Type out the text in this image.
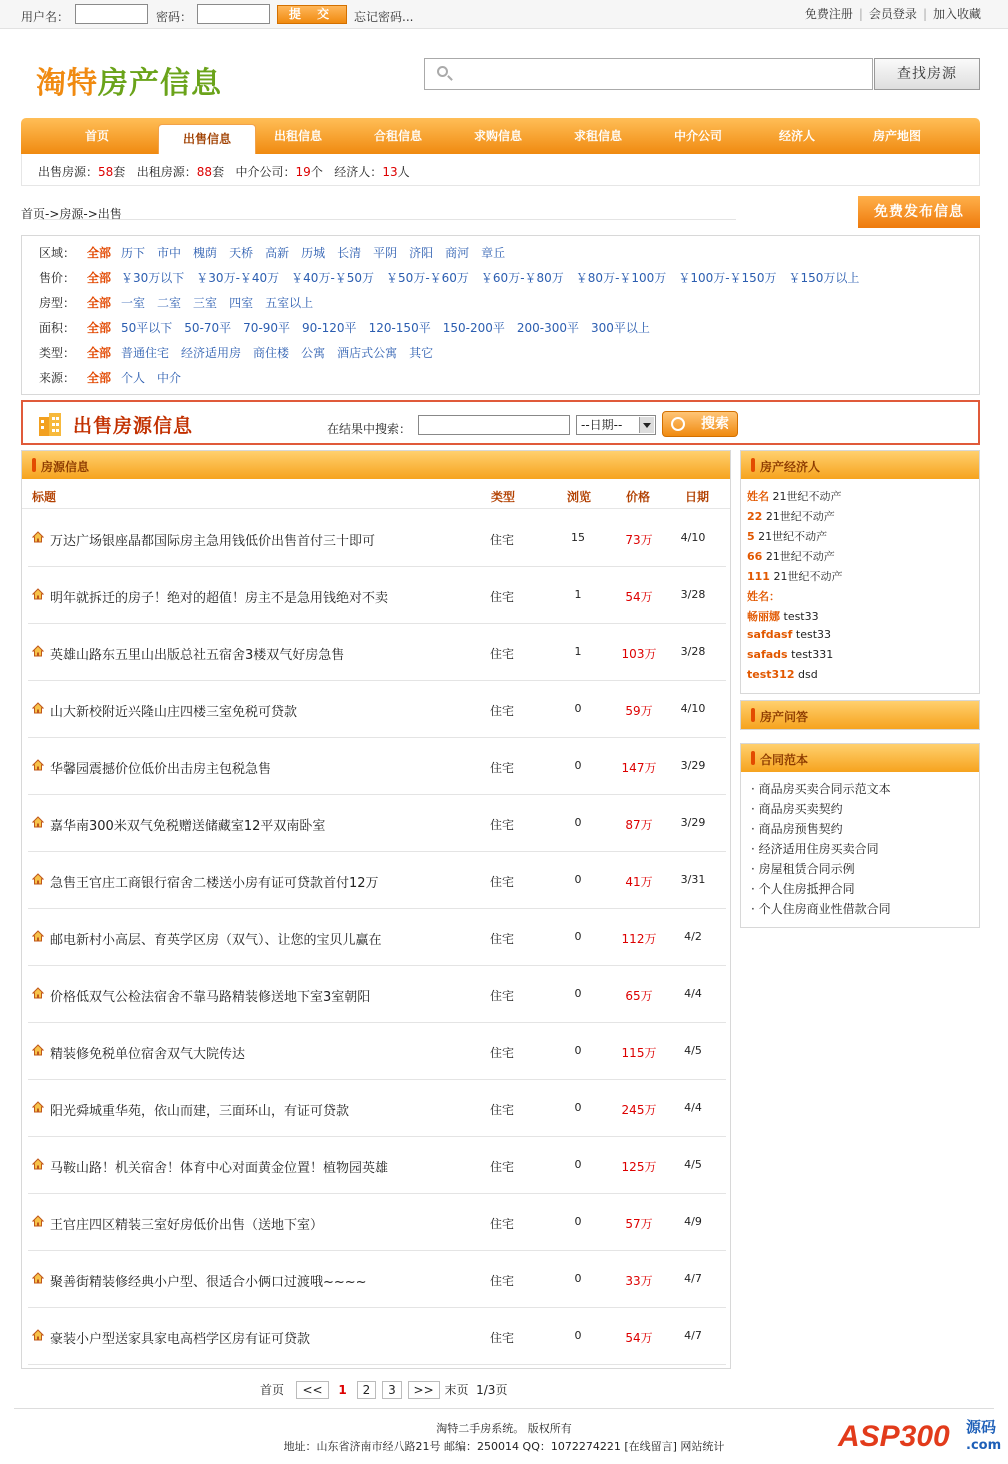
用户名：	密码：	提 交	忘记密码...	免费注册 | 会员登录 | 加入收藏
淘特房产信息	查找房源
首页	出售信息	出租信息	合租信息	求购信息	求租信息	中介公司	经济人	房产地图
出售房源：58套 出租房源：88套 中介公司：19个 经济人：13人
首页->房源->出售	免费发布信息
区域： 全部 历下 市中 槐荫 天桥 高新 历城 长清 平阴 济阳 商河 章丘
售价： 全部 ￥30万以下 ￥30万-￥40万 ￥40万-￥50万 ￥50万-￥60万 ￥60万-￥80万 ￥80万-￥100万 ￥100万-￥150万 ￥150万以上
房型： 全部 一室 二室 三室 四室 五室以上
面积： 全部 50平以下 50-70平 70-90平 90-120平 120-150平 150-200平 200-300平 300平以上
类型： 全部 普通住宅 经济适用房 商住楼 公寓 酒店式公寓 其它
来源： 全部 个人 中介
出售房源信息	在结果中搜索：	--日期--	搜索
房源信息
标题	类型	浏览	价格	日期
万达广场银座晶都国际房主急用钱低价出售首付三十即可	住宅	15	73万	4/10
明年就拆迁的房子！绝对的超值！房主不是急用钱绝对不卖	住宅	1	54万	3/28
英雄山路东五里山出版总社五宿舍3楼双气好房急售	住宅	1	103万	3/28
山大新校附近兴隆山庄四楼三室免税可贷款	住宅	0	59万	4/10
华馨园震撼价位低价出击房主包税急售	住宅	0	147万	3/29
嘉华南300米双气免税赠送储藏室12平双南卧室	住宅	0	87万	3/29
急售王官庄工商银行宿舍二楼送小房有证可贷款首付12万	住宅	0	41万	3/31
邮电新村小高层、育英学区房（双气）、让您的宝贝儿赢在	住宅	0	112万	4/2
价格低双气公检法宿舍不靠马路精装修送地下室3室朝阳	住宅	0	65万	4/4
精装修免税单位宿舍双气大院传达	住宅	0	115万	4/5
阳光舜城重华苑，依山而建，三面环山，有证可贷款	住宅	0	245万	4/4
马鞍山路！机关宿舍！体育中心对面黄金位置！植物园英雄	住宅	0	125万	4/5
王官庄四区精装三室好房低价出售（送地下室）	住宅	0	57万	4/9
聚善街精装修经典小户型、很适合小俩口过渡哦~~~~	住宅	0	33万	4/7
豪装小户型送家具家电高档学区房有证可贷款	住宅	0	54万	4/7
首页 << 1 2 3 >> 末页 1/3页
房产经济人
姓名 21世纪不动产
22 21世纪不动产
5 21世纪不动产
66 21世纪不动产
111 21世纪不动产
姓名：
畅丽娜 test33
safdasf test33
safads test331
test312 dsd
房产问答
合同范本
· 商品房买卖合同示范文本
· 商品房买卖契约
· 商品房预售契约
· 经济适用住房买卖合同
· 房屋租赁合同示例
· 个人住房抵押合同
· 个人住房商业性借款合同
淘特二手房系统。 版权所有
地址：山东省济南市经八路21号 邮编：250014 QQ：1072274221 [在线留言] 网站统计	ASP300 源码
.com
